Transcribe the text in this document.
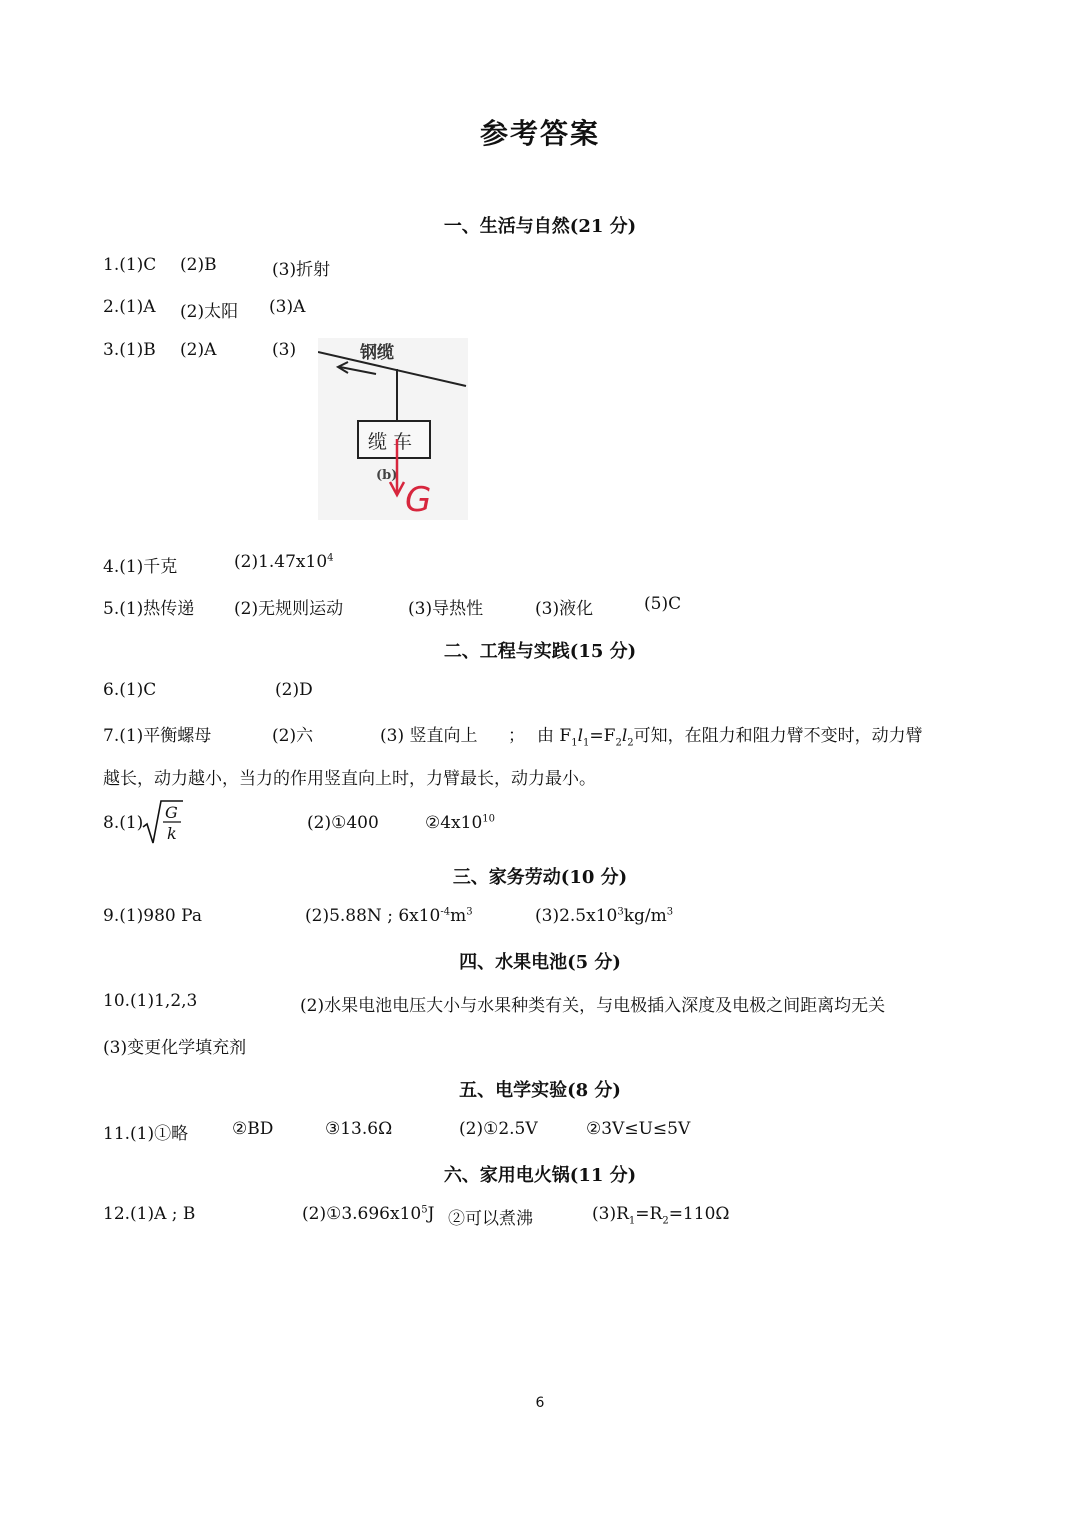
参考答案
一、生活与自然(21 分)
1.(1)C (2)B	(3)折射
2.(1)A (2)太阳 (3)A
3.(1)B (2)A	(3)	钢缆
缆 车
(b)
G
4.(1)千克	$(2)1.47x10^4$
5.(1)热传递 (2)无规则运动	(3)导热性	(3)液化	(5)C
二、工程与实践(15 分)
6.(1)C	(2)D
7.(1)平衡螺母	(2)六	(3) 竖直向上 ； 由 $F_1l_1=F_2l_2$可知，在阻力和阻力臂不变时，动力臂
越长，动力越小，当力的作用竖直向上时，力臂最长，动力最小。
8.(1)
G
k
(2)①400	$②4x10^{10}$
三、家务劳动(10 分)
9.(1)980 Pa	(2)5.88N ; $6x10^{-4}m^3$	$(3)2.5x10^3kg/m^3$
四、水果电池(5 分)
10.(1)1,2,3	(2)水果电池电压大小与水果种类有关，与电极插入深度及电极之间距离均无关
(3)变更化学填充剂
五、电学实验(8 分)
11.(1)①略	②BD	③13.6Ω	(2)①2.5V	②3V≤U≤5V
六、家用电火锅(11 分)
12.(1)A ; B	$(2)①3.696x10^5J$ ②可以煮沸	$(3)R_1=R_2=110\Omega$
6
